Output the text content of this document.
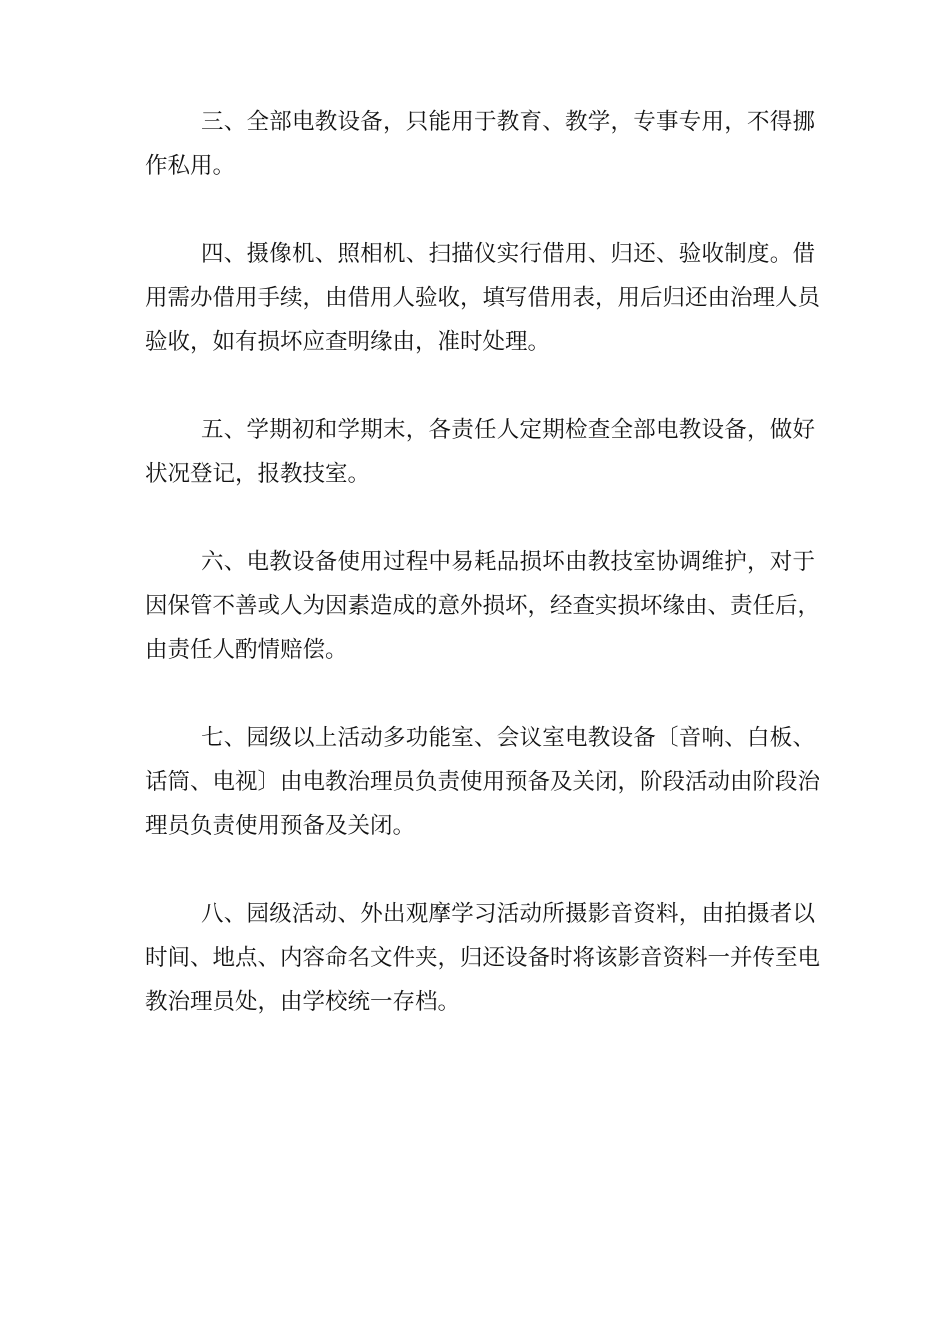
三、全部电教设备，只能用于教育、教学，专事专用，不得挪
作私用。
四、摄像机、照相机、扫描仪实行借用、归还、验收制度。借
用需办借用手续，由借用人验收，填写借用表，用后归还由治理人员
验收，如有损坏应查明缘由，准时处理。
五、学期初和学期末，各责任人定期检查全部电教设备，做好
状况登记，报教技室。
六、电教设备使用过程中易耗品损坏由教技室协调维护，对于
因保管不善或人为因素造成的意外损坏，经查实损坏缘由、责任后，
由责任人酌情赔偿。
七、园级以上活动多功能室、会议室电教设备〔音响、白板、
话筒、电视〕由电教治理员负责使用预备及关闭，阶段活动由阶段治
理员负责使用预备及关闭。
八、园级活动、外出观摩学习活动所摄影音资料，由拍摄者以
时间、地点、内容命名文件夹，归还设备时将该影音资料一并传至电
教治理员处，由学校统一存档。
